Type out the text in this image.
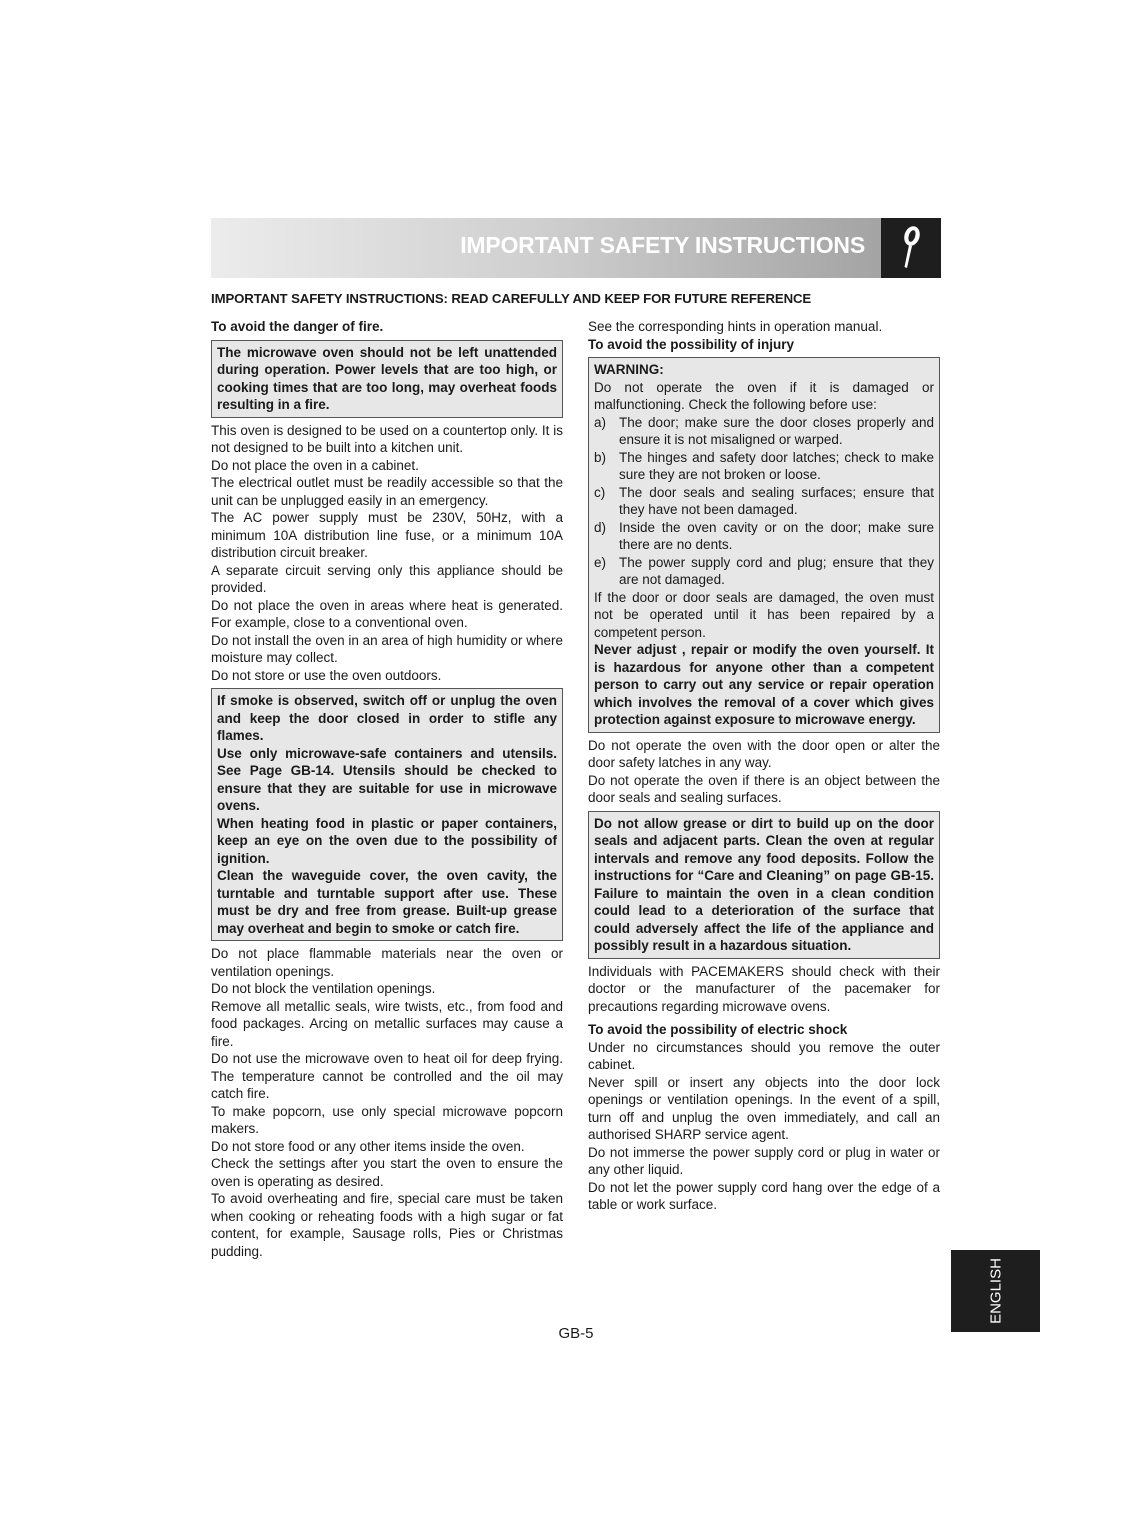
IMPORTANT SAFETY INSTRUCTIONS
IMPORTANT SAFETY INSTRUCTIONS: READ CAREFULLY AND KEEP FOR FUTURE REFERENCE

To avoid the danger of fire.

The microwave oven should not be left unattended during operation. Power levels that are too high, or cooking times that are too long, may overheat foods resulting in a fire.

This oven is designed to be used on a countertop only. It is not designed to be built into a kitchen unit.

Do not place the oven in a cabinet.

The electrical outlet must be readily accessible so that the unit can be unplugged easily in an emergency.

The AC power supply must be 230V, 50Hz, with a minimum 10A distribution line fuse, or a minimum 10A distribution circuit breaker.

A separate circuit serving only this appliance should be provided.

Do not place the oven in areas where heat is generated. For example, close to a conventional oven.

Do not install the oven in an area of high humidity or where moisture may collect.

Do not store or use the oven outdoors.

If smoke is observed, switch off or unplug the oven and keep the door closed in order to stifle any flames.

Use only microwave-safe containers and utensils. See Page GB-14. Utensils should be checked to ensure that they are suitable for use in microwave ovens.

When heating food in plastic or paper containers, keep an eye on the oven due to the possibility of ignition.

Clean the waveguide cover, the oven cavity, the turntable and turntable support after use. These must be dry and free from grease. Built-up grease may overheat and begin to smoke or catch fire.

Do not place flammable materials near the oven or ventilation openings.

Do not block the ventilation openings.

Remove all metallic seals, wire twists, etc., from food and food packages. Arcing on metallic surfaces may cause a fire.

Do not use the microwave oven to heat oil for deep frying. The temperature cannot be controlled and the oil may catch fire.

To make popcorn, use only special microwave popcorn makers.

Do not store food or any other items inside the oven.

Check the settings after you start the oven to ensure the oven is operating as desired.

To avoid overheating and fire, special care must be taken when cooking or reheating foods with a high sugar or fat content, for example, Sausage rolls, Pies or Christmas pudding.

See the corresponding hints in operation manual.

To avoid the possibility of injury

WARNING:

Do not operate the oven if it is damaged or malfunctioning. Check the following before use:

a) The door; make sure the door closes properly and ensure it is not misaligned or warped.
b) The hinges and safety door latches; check to make sure they are not broken or loose.
c)	The door seals and sealing surfaces; ensure that they have not been damaged.
d) Inside the oven cavity or on the door; make sure there are no dents.
e) The power supply cord and plug; ensure that they are not damaged.

If the door or door seals are damaged, the oven must not be operated until it has been repaired by a competent person.

Never adjust , repair or modify the oven yourself. It is hazardous for anyone other than a competent person to carry out any service or repair operation which involves the removal of a cover which gives protection against exposure to microwave energy.

Do not operate the oven with the door open or alter the door safety latches in any way.

Do not operate the oven if there is an object between the door seals and sealing surfaces.

Do not allow grease or dirt to build up on the door seals and adjacent parts. Clean the oven at regular intervals and remove any food deposits. Follow the instructions for “Care and Cleaning” on page GB-15. Failure to maintain the oven in a clean condition could lead to a deterioration of the surface that could adversely affect the life of the appliance and possibly result in a hazardous situation.

Individuals with PACEMAKERS should check with their doctor or the manufacturer of the pacemaker for precautions regarding microwave ovens.

To avoid the possibility of electric shock

Under no circumstances should you remove the outer cabinet.

Never spill or insert any objects into the door lock openings or ventilation openings. In the event of a spill, turn off and unplug the oven immediately, and call an authorised SHARP service agent.

Do not immerse the power supply cord or plug in water or any other liquid.

Do not let the power supply cord hang over the edge of a table or work surface.

GB-5
ENGLISH
